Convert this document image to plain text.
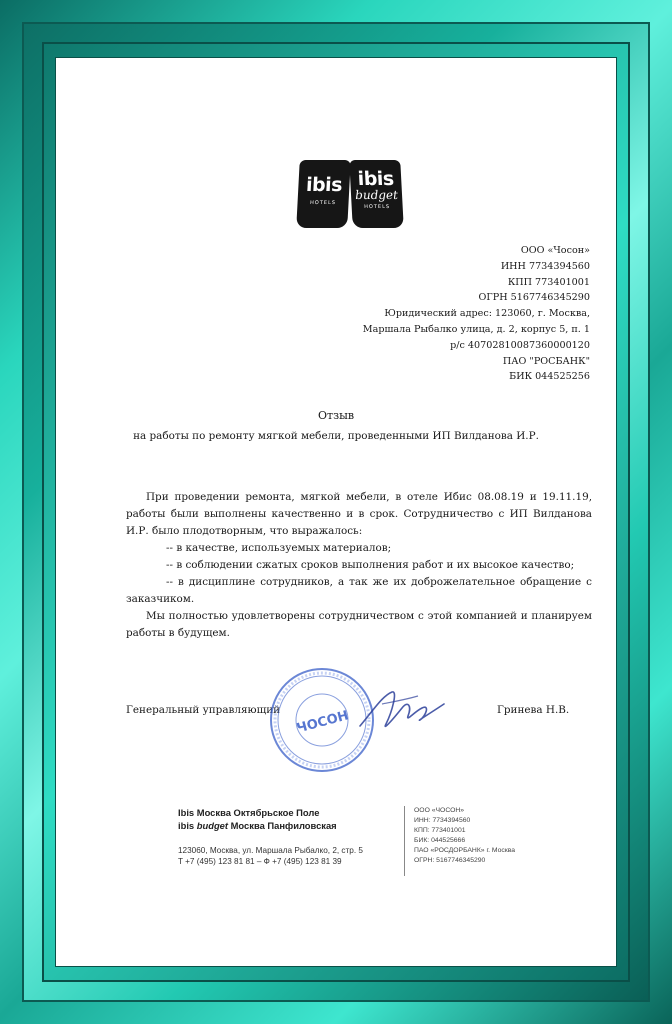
ibis
HOTELS
ibis
budget
HOTELS
ООО «Чосон»
ИНН 7734394560
КПП 773401001
ОГРН 5167746345290
Юридический адрес: 123060, г. Москва,
Маршала Рыбалко улица, д. 2, корпус 5, п. 1
р/с 40702810087360000120
ПАО "РОСБАНК"
БИК 044525256
Отзыв
на работы по ремонту мягкой мебели, проведенными ИП Вилданова И.Р.

При проведении ремонта, мягкой мебели, в отеле Ибис 08.08.19 и 19.11.19, работы были выполнены качественно и в срок. Сотрудничество с ИП Вилданова И.Р. было плодотворным, что выражалось:

-- в качестве, используемых материалов;

-- в соблюдении сжатых сроков выполнения работ и их высокое качество;

-- в дисциплине сотрудников, а так же их доброжелательное обращение с заказчиком.

Мы полностью удовлетворены сотрудничеством с этой компанией и планируем работы в будущем.

Генеральный управляющий	Гринева Н.В.
ЧОСОН
Ibis Москва Октябрьское Поле
ibis budget Москва Панфиловская
123060, Москва, ул. Маршала Рыбалко, 2, стр. 5
T +7 (495) 123 81 81 – Ф +7 (495) 123 81 39
ООО «ЧОСОН»
ИНН: 7734394560
КПП: 773401001
БИК: 044525666
ПАО «РОСДОРБАНК» г. Москва
ОГРН: 5167746345290
